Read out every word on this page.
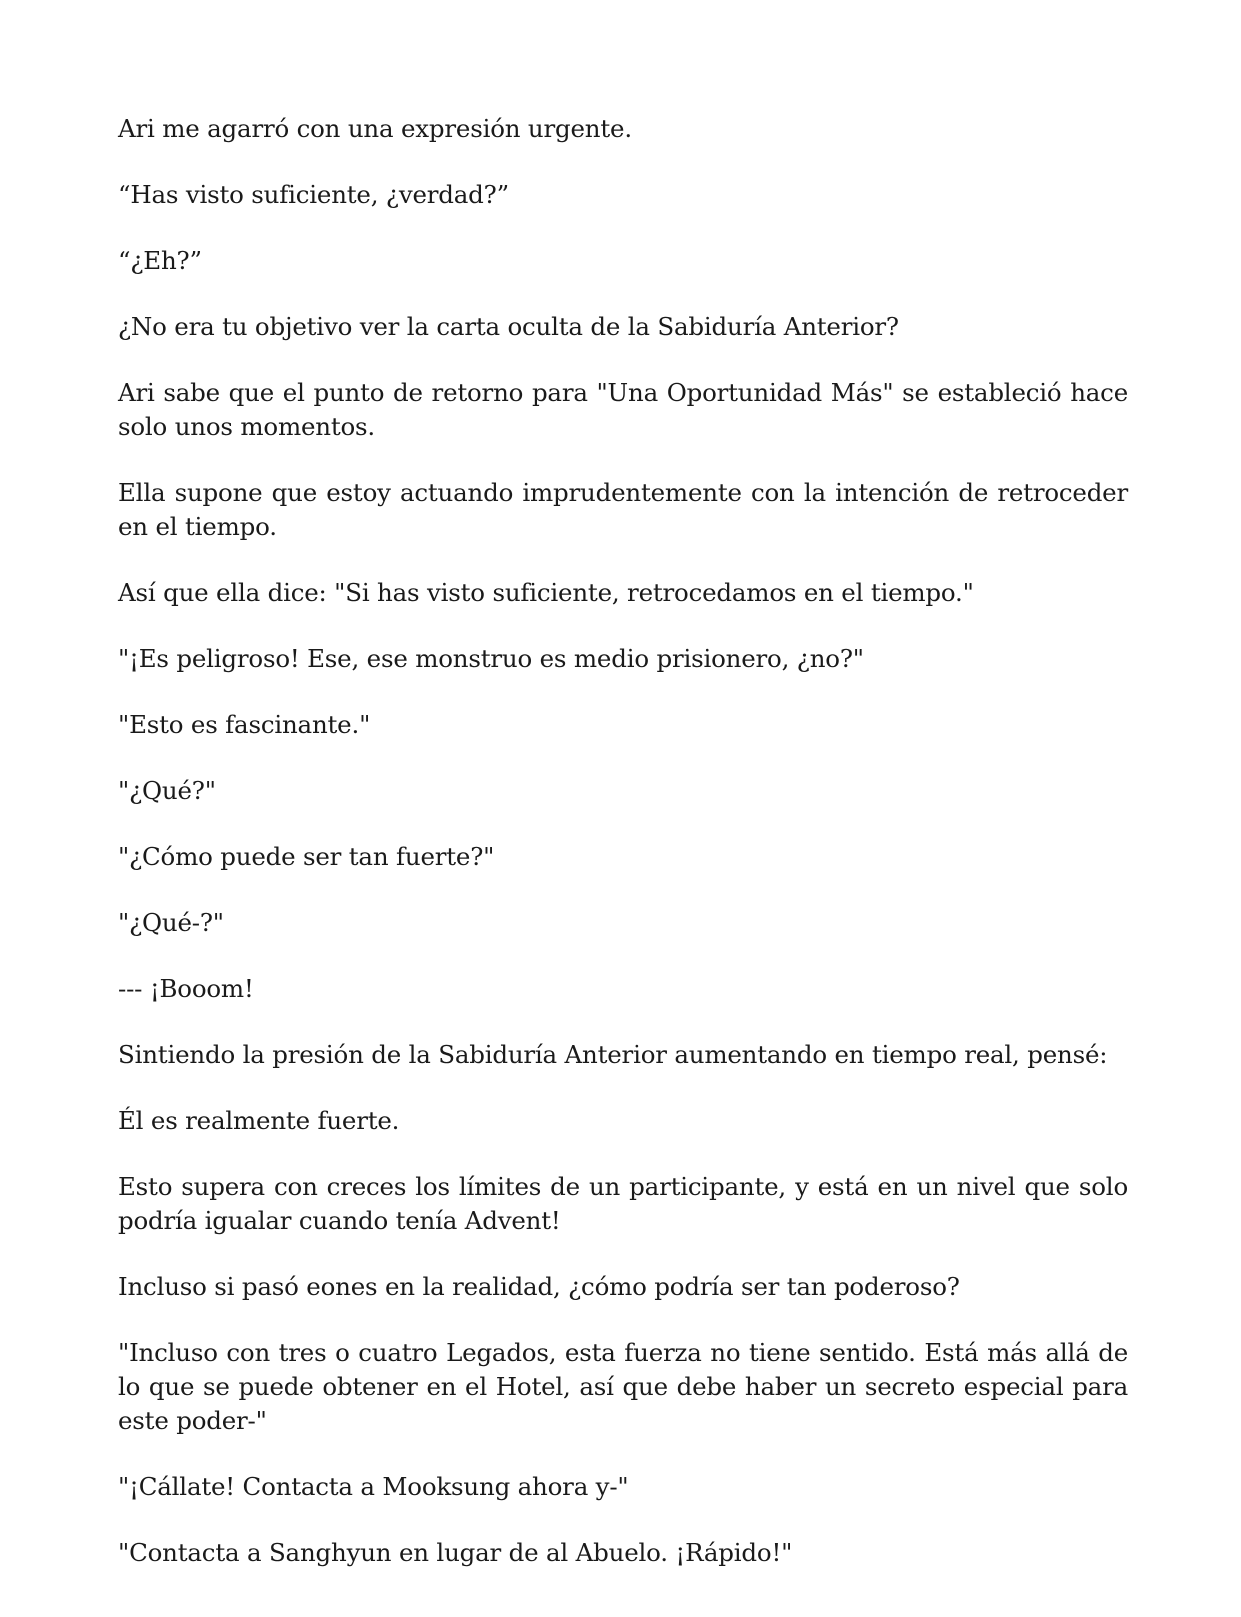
Ari me agarró con una expresión urgente.

“Has visto suficiente, ¿verdad?”

“¿Eh?”

¿No era tu objetivo ver la carta oculta de la Sabiduría Anterior?

Ari sabe que el punto de retorno para "Una Oportunidad Más" se estableció hace solo unos momentos.

Ella supone que estoy actuando imprudentemente con la intención de retroceder en el tiempo.

Así que ella dice: "Si has visto suficiente, retrocedamos en el tiempo."

"¡Es peligroso! Ese, ese monstruo es medio prisionero, ¿no?"

"Esto es fascinante."

"¿Qué?"

"¿Cómo puede ser tan fuerte?"

"¿Qué-?"

--- ¡Booom!

Sintiendo la presión de la Sabiduría Anterior aumentando en tiempo real, pensé:

Él es realmente fuerte.

Esto supera con creces los límites de un participante, y está en un nivel que solo podría igualar cuando tenía Advent!

Incluso si pasó eones en la realidad, ¿cómo podría ser tan poderoso?

"Incluso con tres o cuatro Legados, esta fuerza no tiene sentido. Está más allá de lo que se puede obtener en el Hotel, así que debe haber un secreto especial para este poder-"

"¡Cállate! Contacta a Mooksung ahora y-"

"Contacta a Sanghyun en lugar de al Abuelo. ¡Rápido!"
